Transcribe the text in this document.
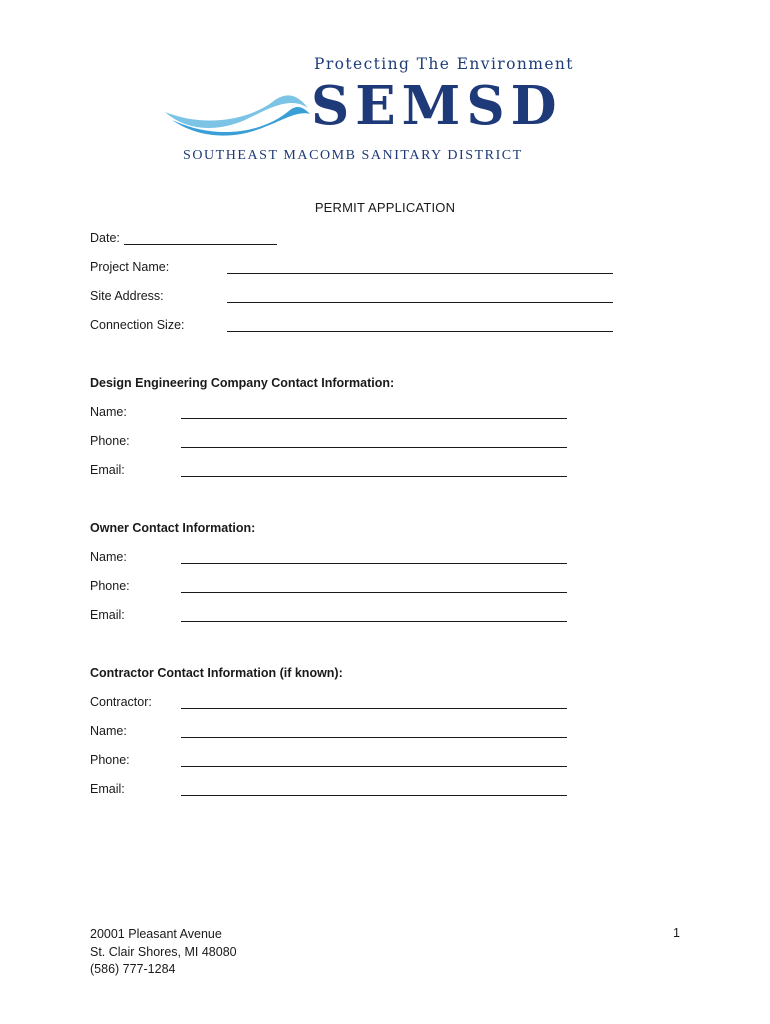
Protecting The Environment
SEMSD
SOUTHEAST MACOMB SANITARY DISTRICT
PERMIT APPLICATION
Date:
Project Name:
Site Address:
Connection Size:
Design Engineering Company Contact Information:
Name:
Phone:
Email:
Owner Contact Information:
Name:
Phone:
Email:
Contractor Contact Information (if known):
Contractor:
Name:
Phone:
Email:
20001 Pleasant Avenue
St. Clair Shores, MI 48080
(586) 777-1284
1
